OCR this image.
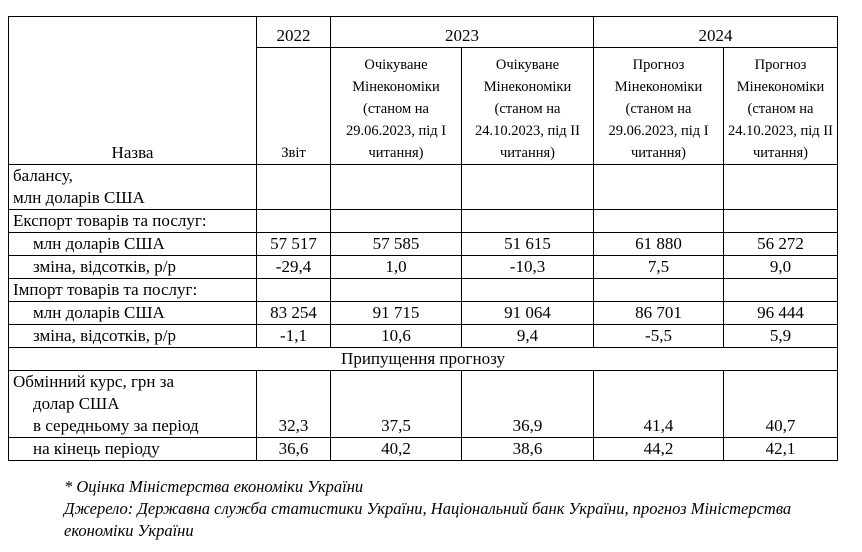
Назва	2022	2023		2024	
	Звіт	Очікуване Мінекономіки (станом на 29.06.2023, під І читання)	Очікуване Мінекономіки (станом на 24.10.2023, під ІІ читання)	Прогноз Мінекономіки (станом на 29.06.2023, під І читання)	Прогноз Мінекономіки (станом на 24.10.2023, під ІІ читання)

балансу,
млн доларів США					

Експорт товарів та послуг:					
млн доларів США	57 517	57 585	51 615	61 880	56 272
зміна, відсотків, р/р	-29,4	1,0	-10,3	7,5	9,0
Імпорт товарів та послуг:					
млн доларів США	83 254	91 715	91 064	86 701	96 444
зміна, відсотків, р/р	-1,1	10,6	9,4	-5,5	5,9
Припущення прогнозу					

Обмінний курс, грн за
долар США
в середньому за період	32,3	37,5	36,9	41,4	40,7
на кінець періоду	36,6	40,2	38,6	44,2	42,1
* Оцінка Міністерства економіки України
Джерело: Державна служба статистики України, Національний банк України, прогноз Міністерства економіки України
